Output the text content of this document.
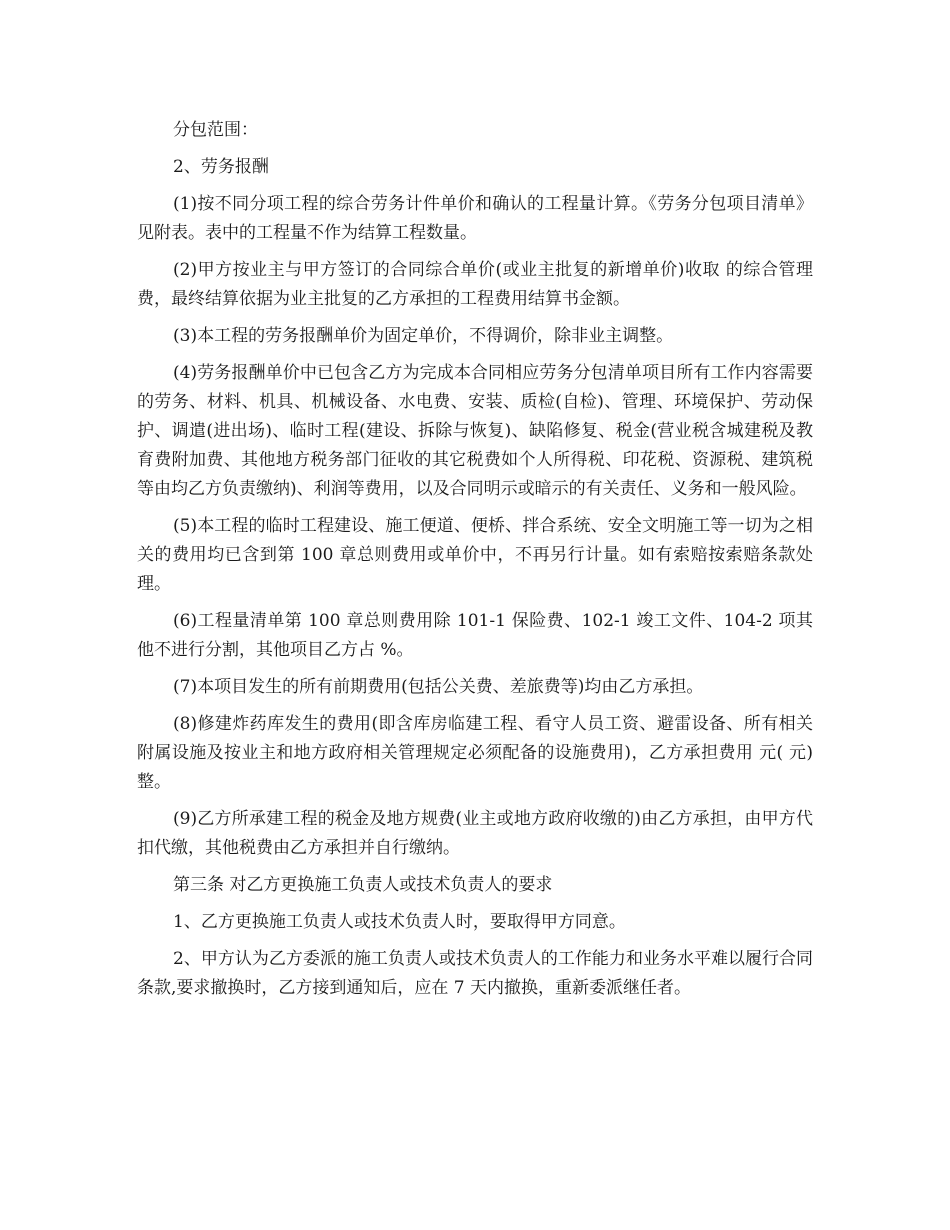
分包范围：

2、劳务报酬

(1)按不同分项工程的综合劳务计件单价和确认的工程量计算。《劳务分包项目清单》见附表。表中的工程量不作为结算工程数量。

(2)甲方按业主与甲方签订的合同综合单价(或业主批复的新增单价)收取 的综合管理费，最终结算依据为业主批复的乙方承担的工程费用结算书金额。

(3)本工程的劳务报酬单价为固定单价，不得调价，除非业主调整。

(4)劳务报酬单价中已包含乙方为完成本合同相应劳务分包清单项目所有工作内容需要的劳务、材料、机具、机械设备、水电费、安装、质检(自检)、管理、环境保护、劳动保护、调遣(进出场)、临时工程(建设、拆除与恢复)、缺陷修复、税金(营业税含城建税及教育费附加费、其他地方税务部门征收的其它税费如个人所得税、印花税、资源税、建筑税等由均乙方负责缴纳)、利润等费用，以及合同明示或暗示的有关责任、义务和一般风险。

(5)本工程的临时工程建设、施工便道、便桥、拌合系统、安全文明施工等一切为之相关的费用均已含到第 100 章总则费用或单价中，不再另行计量。如有索赔按索赔条款处理。

(6)工程量清单第 100 章总则费用除 101-1 保险费、102-1 竣工文件、104-2 项其他不进行分割，其他项目乙方占 %。

(7)本项目发生的所有前期费用(包括公关费、差旅费等)均由乙方承担。

(8)修建炸药库发生的费用(即含库房临建工程、看守人员工资、避雷设备、所有相关附属设施及按业主和地方政府相关管理规定必须配备的设施费用)，乙方承担费用 元( 元)整。

(9)乙方所承建工程的税金及地方规费(业主或地方政府收缴的)由乙方承担，由甲方代扣代缴，其他税费由乙方承担并自行缴纳。

第三条 对乙方更换施工负责人或技术负责人的要求

1、乙方更换施工负责人或技术负责人时，要取得甲方同意。

2、甲方认为乙方委派的施工负责人或技术负责人的工作能力和业务水平难以履行合同条款,要求撤换时，乙方接到通知后，应在 7 天内撤换，重新委派继任者。
